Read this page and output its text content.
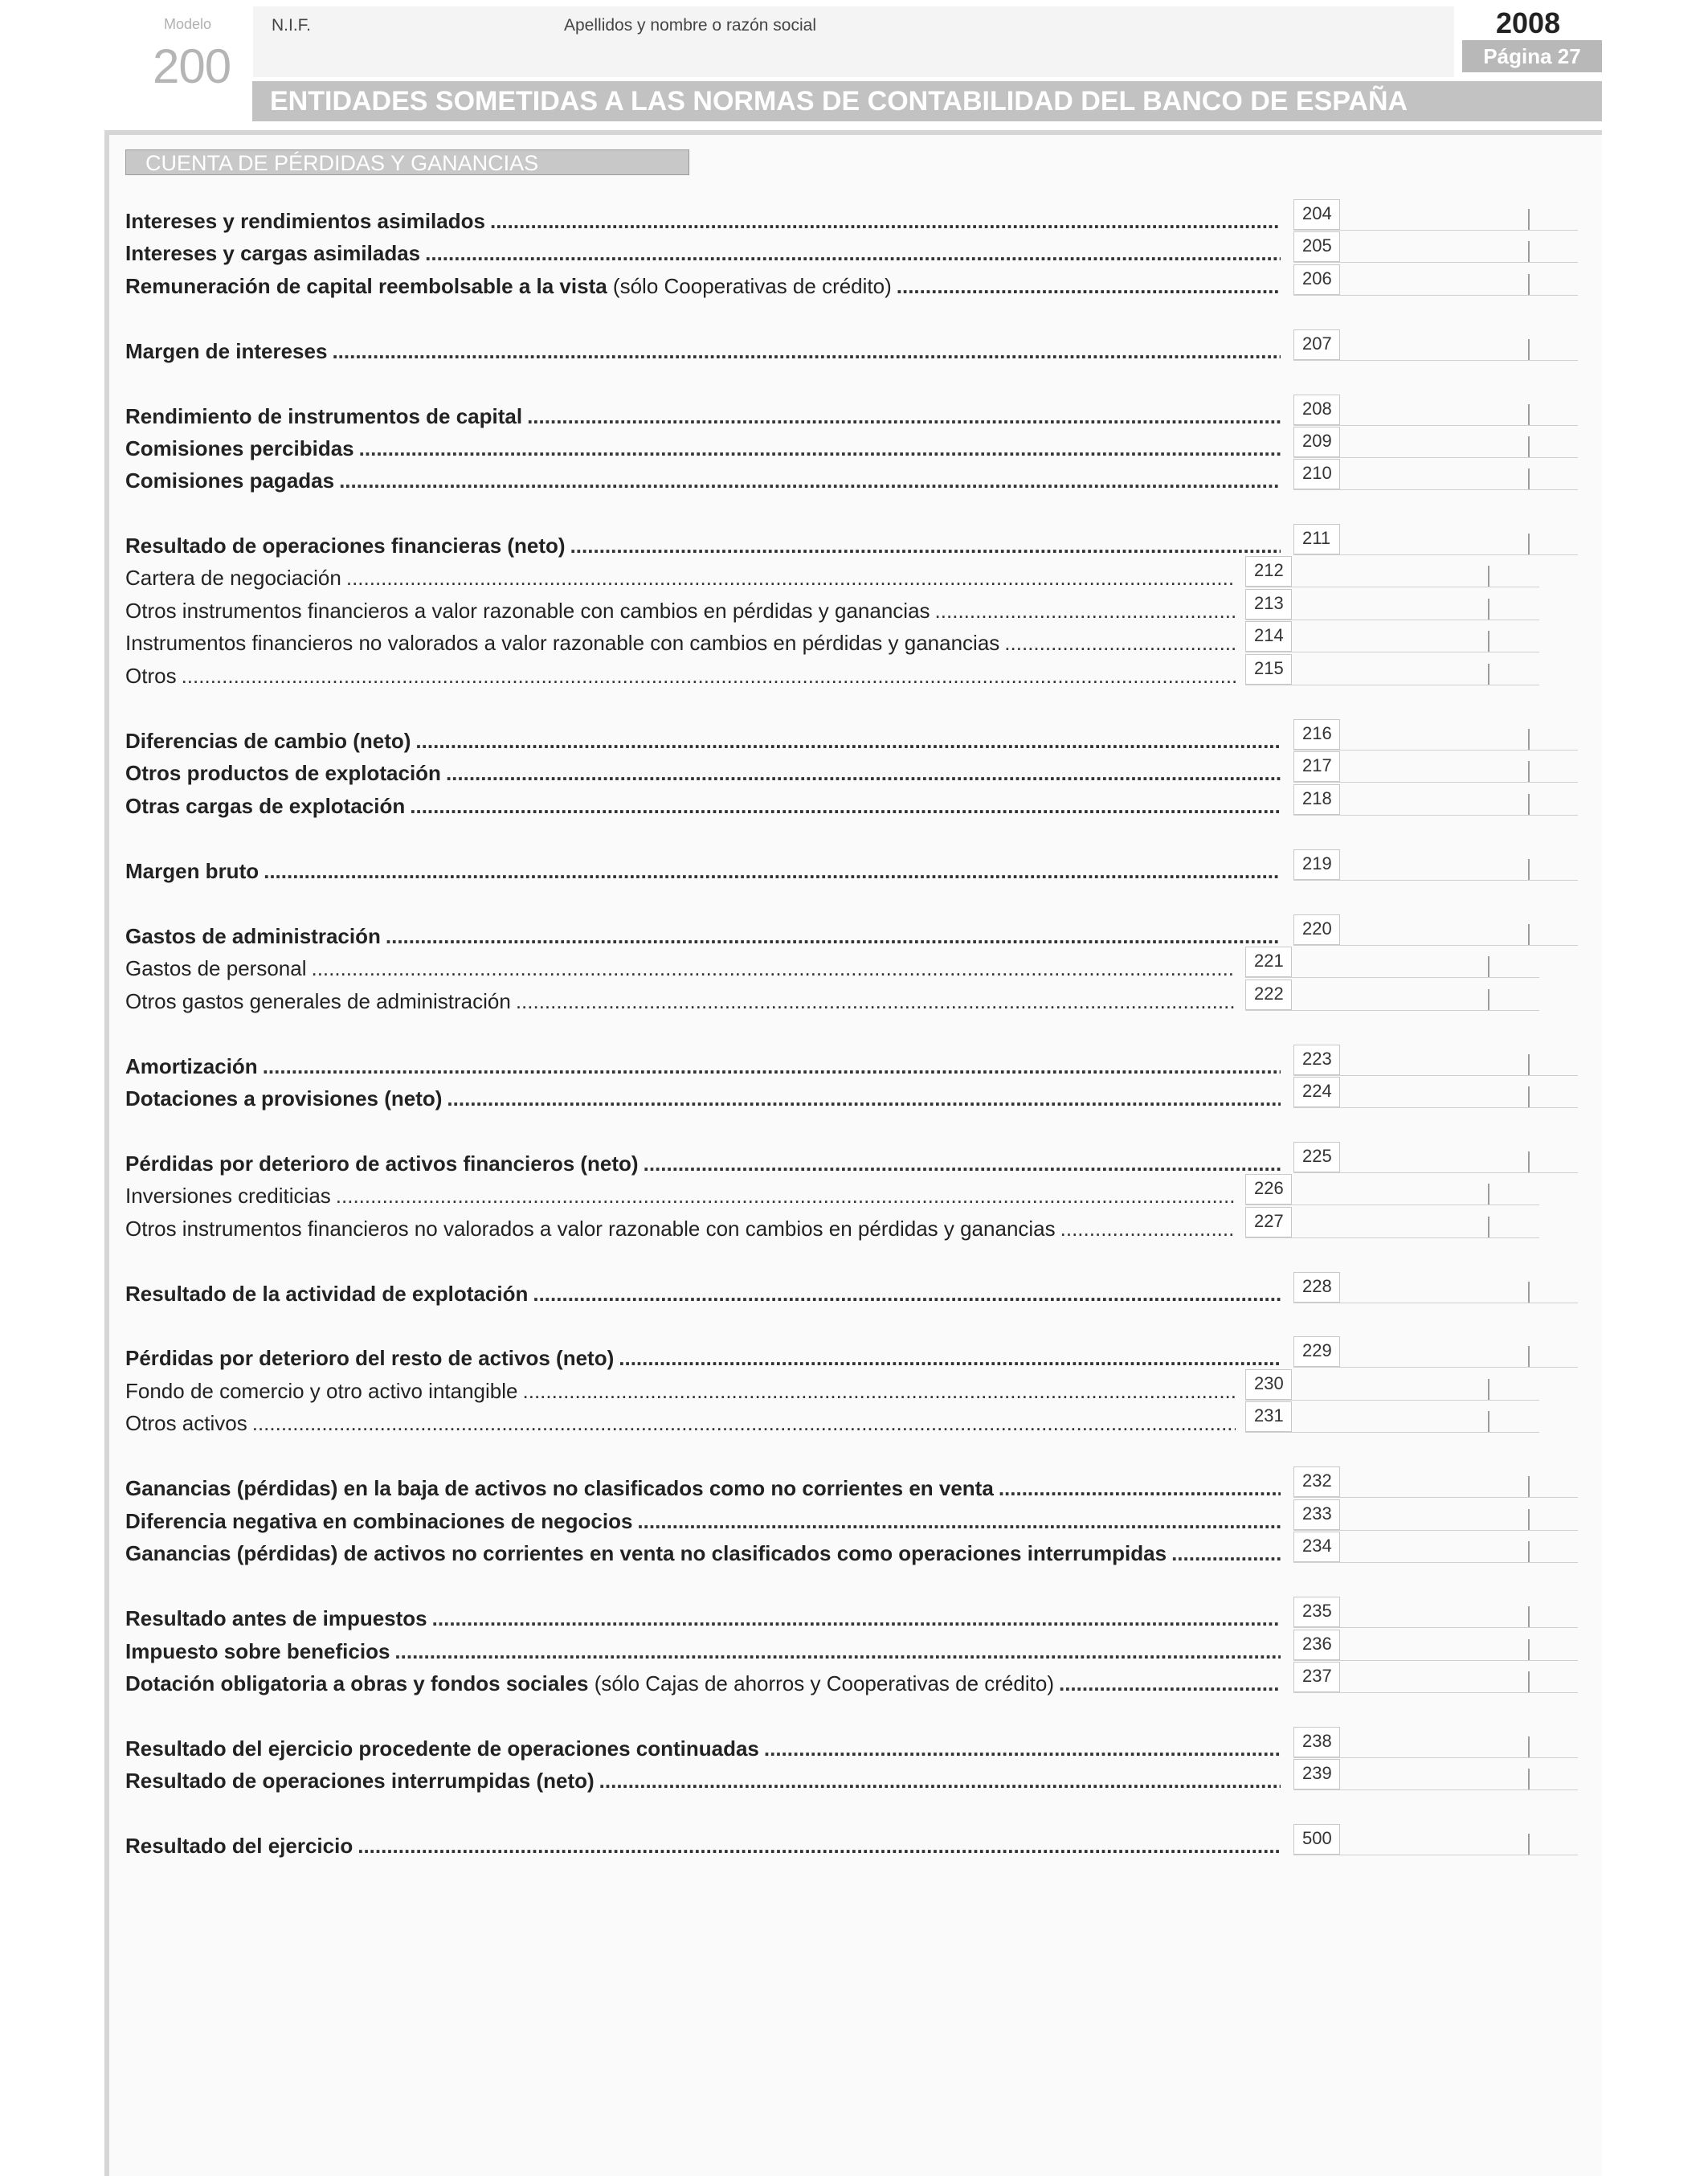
Modelo
200
N.I.F.	Apellidos y nombre o razón social	2008
Página 27
ENTIDADES SOMETIDAS A LAS NORMAS DE CONTABILIDAD DEL BANCO DE ESPAÑA
CUENTA DE PÉRDIDAS Y GANANCIAS
Intereses y rendimientos asimilados .....	204
Intereses y cargas asimiladas .....	205
Remuneración de capital reembolsable a la vista (sólo Cooperativas de crédito) .....	206
Margen de intereses .....	207
Rendimiento de instrumentos de capital .....	208
Comisiones percibidas .....	209
Comisiones pagadas .....	210
Resultado de operaciones financieras (neto) .....	211
Cartera de negociación .....	212
Otros instrumentos financieros a valor razonable con cambios en pérdidas y ganancias .....	213
Instrumentos financieros no valorados a valor razonable con cambios en pérdidas y ganancias .....	214
Otros .....	215
Diferencias de cambio (neto) .....	216
Otros productos de explotación .....	217
Otras cargas de explotación .....	218
Margen bruto .....	219
Gastos de administración .....	220
Gastos de personal .....	221
Otros gastos generales de administración .....	222
Amortización .....	223
Dotaciones a provisiones (neto) .....	224
Pérdidas por deterioro de activos financieros (neto) .....	225
Inversiones crediticias .....	226
Otros instrumentos financieros no valorados a valor razonable con cambios en pérdidas y ganancias .....	227
Resultado de la actividad de explotación .....	228
Pérdidas por deterioro del resto de activos (neto) .....	229
Fondo de comercio y otro activo intangible .....	230
Otros activos .....	231
Ganancias (pérdidas) en la baja de activos no clasificados como no corrientes en venta .....	232
Diferencia negativa en combinaciones de negocios .....	233
Ganancias (pérdidas) de activos no corrientes en venta no clasificados como operaciones interrumpidas .....	234
Resultado antes de impuestos .....	235
Impuesto sobre beneficios .....	236
Dotación obligatoria a obras y fondos sociales (sólo Cajas de ahorros y Cooperativas de crédito) .....	237
Resultado del ejercicio procedente de operaciones continuadas .....	238
Resultado de operaciones interrumpidas (neto) .....	239
Resultado del ejercicio .....	500
